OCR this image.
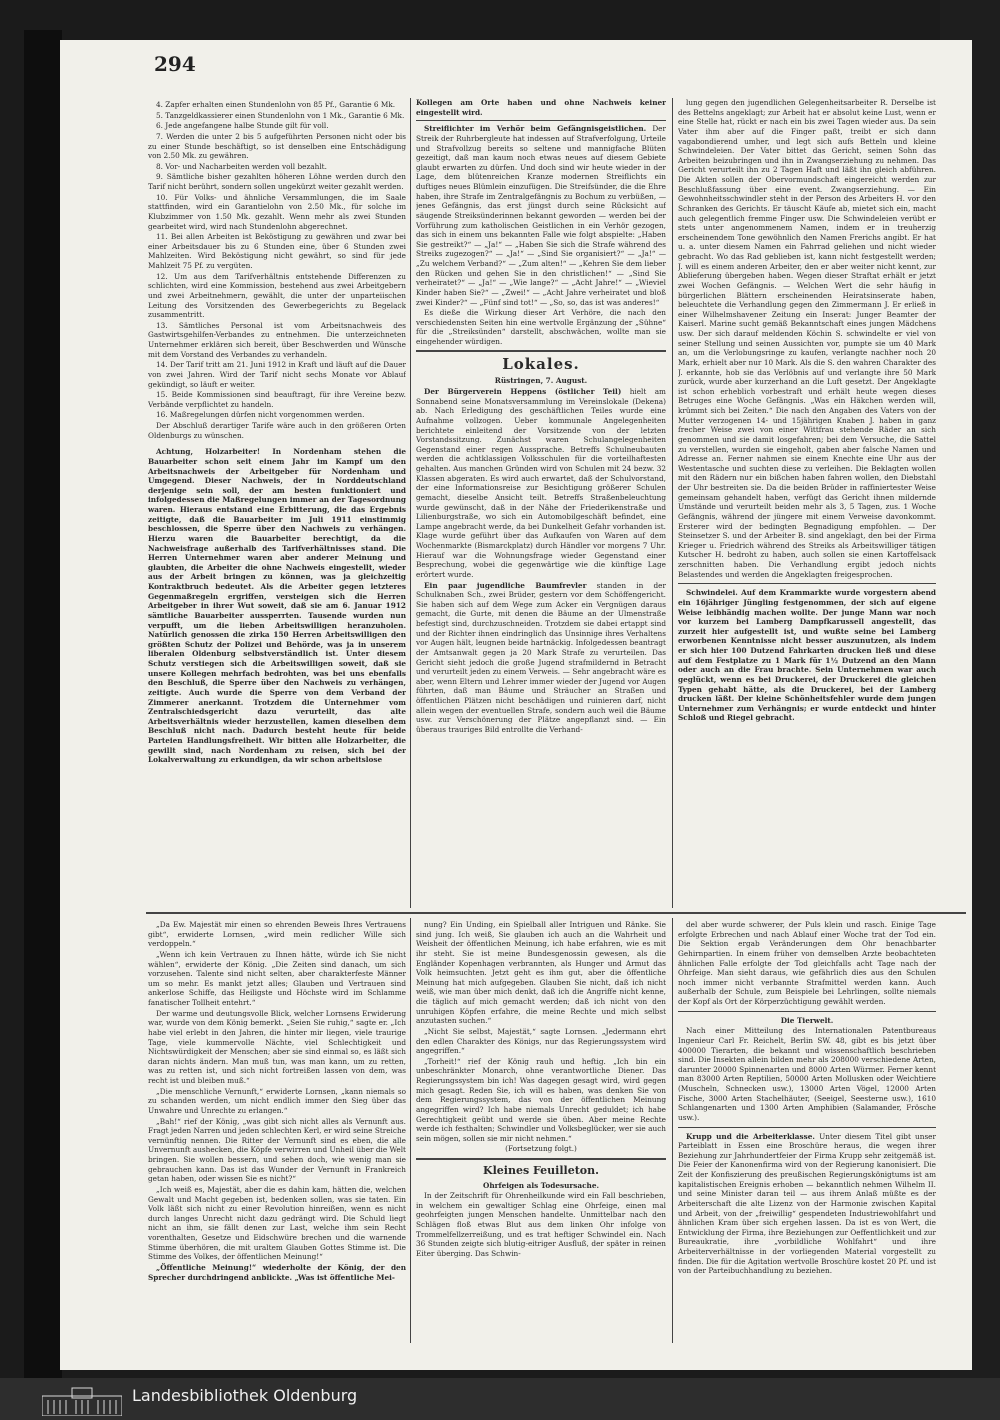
294

4. Zapfer erhalten einen Stundenlohn von 85 Pf., Garantie 6 Mk.

5. Tanzgeldkassierer einen Stundenlohn von 1 Mk., Garantie 6 Mk.

6. Jede angefangene halbe Stunde gilt für voll.

7. Werden die unter 2 bis 5 aufgeführten Personen nicht oder bis zu einer Stunde beschäftigt, so ist denselben eine Entschädigung von 2.50 Mk. zu gewähren.

8. Vor- und Nacharbeiten werden voll bezahlt.

9. Sämtliche bisher gezahlten höheren Löhne werden durch den Tarif nicht berührt, sondern sollen ungekürzt weiter gezahlt werden.

10. Für Volks- und ähnliche Versammlungen, die im Saale stattfinden, wird ein Garantielohn von 2.50 Mk., für solche im Klubzimmer von 1.50 Mk. gezahlt. Wenn mehr als zwei Stunden gearbeitet wird, wird nach Stundenlohn abgerechnet.

11. Bei allen Arbeiten ist Beköstigung zu gewähren und zwar bei einer Arbeitsdauer bis zu 6 Stunden eine, über 6 Stunden zwei Mahlzeiten. Wird Beköstigung nicht gewährt, so sind für jede Mahlzeit 75 Pf. zu vergüten.

12. Um aus dem Tarifverhältnis entstehende Differenzen zu schlichten, wird eine Kommission, bestehend aus zwei Arbeitgebern und zwei Arbeitnehmern, gewählt, die unter der unparteiischen Leitung des Vorsitzenden des Gewerbegerichts zu Begelack zusammentritt.

13. Sämtliches Personal ist vom Arbeitsnachweis des Gastwirtsgehilfen-Verbandes zu entnehmen. Die unterzeichneten Unternehmer erklären sich bereit, über Beschwerden und Wünsche mit dem Vorstand des Verbandes zu verhandeln.

14. Der Tarif tritt am 21. Juni 1912 in Kraft und läuft auf die Dauer von zwei Jahren. Wird der Tarif nicht sechs Monate vor Ablauf gekündigt, so läuft er weiter.

15. Beide Kommissionen sind beauftragt, für ihre Vereine bezw. Verbände verpflichtet zu handeln.

16. Maßregelungen dürfen nicht vorgenommen werden.

Der Abschluß derartiger Tarife wäre auch in den größeren Orten Oldenburgs zu wünschen.

Achtung, Holzarbeiter! In Nordenham stehen die Bauarbeiter schon seit einem Jahr im Kampf um den Arbeitsnachweis der Arbeitgeber für Nordenham und Umgegend. Dieser Nachweis, der in Norddeutschland derjenige sein soll, der am besten funktioniert und infolgedessen die Maßregelungen immer an der Tagesordnung waren. Hieraus entstand eine Erbitterung, die das Ergebnis zeitigte, daß die Bauarbeiter im Juli 1911 einstimmig beschlossen, die Sperre über den Nachweis zu verhängen. Hierzu waren die Bauarbeiter berechtigt, da die Nachweisfrage außerhalb des Tarifverhältnisses stand. Die Herren Unternehmer waren aber anderer Meinung und glaubten, die Arbeiter die ohne Nachweis eingestellt, wieder aus der Arbeit bringen zu können, was ja gleichzeitig Kontraktbruch bedeutet. Als die Arbeiter gegen letzteres Gegenmaßregeln ergriffen, versteigen sich die Herren Arbeitgeber in ihrer Wut soweit, daß sie am 6. Januar 1912 sämtliche Bauarbeiter aussperrten. Tausende wurden nun verpufft, um die lieben Arbeitswilligen heranzuholen. Natürlich genossen die zirka 150 Herren Arbeitswilligen den größten Schutz der Polizei und Behörde, was ja in unserem liberalen Oldenburg selbstverständlich ist. Unter diesem Schutz verstiegen sich die Arbeitswilligen soweit, daß sie unsere Kollegen mehrfach bedrohten, was bei uns ebenfalls den Beschluß, die Sperre über den Nachweis zu verhängen, zeitigte. Auch wurde die Sperre von dem Verband der Zimmerer anerkannt. Trotzdem die Unternehmer vom Zentralschiedsgericht dazu verurteilt, das alte Arbeitsverhältnis wieder herzustellen, kamen dieselben dem Beschluß nicht nach. Dadurch besteht heute für beide Parteien Handlungsfreiheit. Wir bitten alle Holzarbeiter, die gewillt sind, nach Nordenham zu reisen, sich bei der Lokalverwaltung zu erkundigen, da wir schon arbeitslose

Kollegen am Orte haben und ohne Nachweis keiner eingestellt wird.

Streiflichter im Verhör beim Gefängnisgeistlichen. Der Streik der Ruhrbergleute hat indessen auf Strafverfolgung, Urteile und Strafvollzug bereits so seltene und mannigfache Blüten gezeitigt, daß man kaum noch etwas neues auf diesem Gebiete glaubt erwarten zu dürfen. Und doch sind wir heute wieder in der Lage, dem blütenreichen Kranze modernen Streiflichts ein duftiges neues Blümlein einzufügen. Die Streifsünder, die die Ehre haben, ihre Strafe im Zentralgefängnis zu Bochum zu verbüßen, — jenes Gefängnis, das erst jüngst durch seine Rücksicht auf säugende Streiksünderinnen bekannt geworden — werden bei der Vorführung zum katholischen Geistlichen in ein Verhör gezogen, das sich in einem uns bekannten Falle wie folgt abspielte: „Haben Sie gestreikt?“ — „Ja!“ — „Haben Sie sich die Strafe während des Streiks zugezogen?“ — „Ja!“ — „Sind Sie organisiert?“ — „Ja!“ — „Zu welchem Verband?“ — „Zum alten!“ — „Kehren Sie dem lieber den Rücken und gehen Sie in den christlichen!“ — „Sind Sie verheiratet?“ — „Ja!“ — „Wie lange?“ — „Acht Jahre!“ — „Wieviel Kinder haben Sie?“ — „Zwei!“ — „Acht Jahre verheiratet und bloß zwei Kinder?“ — „Fünf sind tot!“ — „So, so, das ist was anderes!“

Es dieße die Wirkung dieser Art Verhöre, die nach den verschiedensten Seiten hin eine wertvolle Ergänzung der „Sühne“ für die „Streiksünden“ darstellt, abschwächen, wollte man sie eingehender würdigen.

Lokales.

Rüstringen, 7. August.

Der Bürgerverein Heppens (östlicher Teil) hielt am Sonnabend seine Monatsversammlung im Vereinslokale (Dekena) ab. Nach Erledigung des geschäftlichen Teiles wurde eine Aufnahme vollzogen. Ueber kommunale Angelegenheiten berichtete einleitend der Vorsitzende von der letzten Vorstandssitzung. Zunächst waren Schulangelegenheiten Gegenstand einer regen Aussprache. Betreffs Schulneubauten werden die achtklassigen Volksschulen für die vorteilhaftesten gehalten. Aus manchen Gründen wird von Schulen mit 24 bezw. 32 Klassen abgeraten. Es wird auch erwartet, daß der Schulvorstand, der eine Informationsreise zur Besichtigung größerer Schulen gemacht, dieselbe Ansicht teilt. Betreffs Straßenbeleuchtung wurde gewünscht, daß in der Nähe der Friederikenstraße und Lilienburgstraße, wo sich ein Automobilgeschäft befindet, eine Lampe angebracht werde, da bei Dunkelheit Gefahr vorhanden ist. Klage wurde geführt über das Aufkaufen von Waren auf dem Wochenmarkte (Bismarckplatz) durch Händler vor morgens 7 Uhr. Hierauf war die Wohnungsfrage wieder Gegenstand einer Besprechung, wobei die gegenwärtige wie die künftige Lage erörtert wurde.

Ein paar jugendliche Baumfrevler standen in der Schulknaben Sch., zwei Brüder, gestern vor dem Schöffengericht. Sie haben sich auf dem Wege zum Acker ein Vergnügen daraus gemacht, die Gurte, mit denen die Bäume an der Ulmenstraße befestigt sind, durchzuschneiden. Trotzdem sie dabei ertappt sind und der Richter ihnen eindringlich das Unsinnige ihres Verhaltens vor Augen hält, leugnen beide hartnäckig. Infolgedessen beantragt der Amtsanwalt gegen ja 20 Mark Strafe zu verurteilen. Das Gericht sieht jedoch die große Jugend strafmildernd in Betracht und verurteilt jeden zu einem Verweis. — Sehr angebracht wäre es aber, wenn Eltern und Lehrer immer wieder der Jugend vor Augen führten, daß man Bäume und Sträucher an Straßen und öffentlichen Plätzen nicht beschädigen und ruinieren darf, nicht allein wegen der eventuellen Strafe, sondern auch weil die Bäume usw. zur Verschönerung der Plätze angepflanzt sind. — Ein überaus trauriges Bild entrollte die Verhand-

lung gegen den jugendlichen Gelegenheitsarbeiter R. Derselbe ist des Bettelns angeklagt; zur Arbeit hat er absolut keine Lust, wenn er eine Stelle hat, rückt er nach ein bis zwei Tagen wieder aus. Da sein Vater ihm aber auf die Finger paßt, treibt er sich dann vagabondierend umher, und legt sich aufs Betteln und kleine Schwindeleien. Der Vater bittet das Gericht, seinen Sohn das Arbeiten beizubringen und ihn in Zwangserziehung zu nehmen. Das Gericht verurteilt ihn zu 2 Tagen Haft und läßt ihn gleich abführen. Die Akten sollen der Obervormundschaft eingereicht werden zur Beschlußfassung über eine event. Zwangserziehung. — Ein Gewohnheitsschwindler steht in der Person des Arbeiters H. vor den Schranken des Gerichts. Er täuscht Käufe ab, mietet sich ein, macht auch gelegentlich fremme Finger usw. Die Schwindeleien verübt er stets unter angenommenem Namen, indem er in treuherzig erscheinendem Tone gewöhnlich den Namen Frerichs angibt. Er hat u. a. unter diesem Namen ein Fahrrad geliehen und nicht wieder gebracht. Wo das Rad geblieben ist, kann nicht festgestellt werden; J. will es einem anderen Arbeiter, den er aber weiter nicht kennt, zur Ablieferung übergeben haben. Wegen dieser Straftat erhält er jetzt zwei Wochen Gefängnis. — Welchen Wert die sehr häufig in bürgerlichen Blättern erscheinenden Heiratsinserate haben, beleuchtete die Verhandlung gegen den Zimmermann J. Er erließ in einer Wilhelmshavener Zeitung ein Inserat: Junger Beamter der Kaiserl. Marine sucht gemäß Bekanntschaft eines jungen Mädchens usw. Der sich darauf meldenden Köchin S. schwindelte er viel von seiner Stellung und seinen Aussichten vor, pumpte sie um 40 Mark an, um die Verlobungsringe zu kaufen, verlangte nachher noch 20 Mark, erhielt aber nur 10 Mark. Als die S. den wahren Charakter des J. erkannte, hob sie das Verlöbnis auf und verlangte ihre 50 Mark zurück, wurde aber kurzerhand an die Luft gesetzt. Der Angeklagte ist schon erheblich vorbestraft und erhält heute wegen dieses Betruges eine Woche Gefängnis. „Was ein Häkchen werden will, krümmt sich bei Zeiten.“ Die nach den Angaben des Vaters von der Mutter verzogenen 14- und 15jährigen Knaben J. haben in ganz frecher Weise zwei von einer Wittfrau stehende Räder an sich genommen und sie damit losgefahren; bei dem Versuche, die Sattel zu verstellen, wurden sie eingeholt, gaben aber falsche Namen und Adresse an. Ferner nahmen sie einem Knechte eine Uhr aus der Westentasche und suchten diese zu verleihen. Die Beklagten wollen mit den Rädern nur ein bißchen haben fahren wollen, den Diebstahl der Uhr bestreiten sie. Da die beiden Brüder in raffiniertester Weise gemeinsam gehandelt haben, verfügt das Gericht ihnen mildernde Umstände und verurteilt beiden mehr als 3, 5 Tagen, zus. 1 Woche Gefängnis, während der jüngere mit einem Verweise davonkommt. Ersterer wird der bedingten Begnadigung empfohlen. — Der Steinsetzer S. und der Arbeiter B. sind angeklagt, den bei der Firma Krieger u. Friedrich während des Streiks als Arbeitswilliger tätigen Kutscher H. bedroht zu haben, auch sollen sie einen Kartoffelsack zerschnitten haben. Die Verhandlung ergibt jedoch nichts Belastendes und werden die Angeklagten freigesprochen.

Schwindelei. Auf dem Krammarkte wurde vorgestern abend ein 16jähriger Jüngling festgenommen, der sich auf eigene Weise leibhändig machen wollte. Der junge Mann war noch vor kurzem bei Lamberg Dampfkarussell angestellt, das zurzeit hier aufgestellt ist, und wußte seine bei Lamberg erworbenen Kenntnisse nicht besser auszunutzen, als indem er sich hier 100 Dutzend Fahrkarten drucken ließ und diese auf dem Festplatze zu 1 Mark für 1½ Dutzend an den Mann oder auch an die Frau brachte. Sein Unternehmen war auch geglückt, wenn es bei Druckerei, der Druckerei die gleichen Typen gehabt hätte, als die Druckerei, bei der Lamberg drucken läßt. Der kleine Schönheitsfehler wurde dem jungen Unternehmer zum Verhängnis; er wurde entdeckt und hinter Schloß und Riegel gebracht.

„Da Ew. Majestät mir einen so ehrenden Beweis Ihres Vertrauens gibt“, erwiderte Lornsen, „wird mein redlicher Wille sich verdoppeln.“

„Wenn ich kein Vertrauen zu Ihnen hätte, würde ich Sie nicht wählen“, erwiderte der König. „Die Zeiten sind danach, um sich vorzusehen. Talente sind nicht selten, aber charakterfeste Männer um so mehr. Es mankt jetzt alles; Glauben und Vertrauen sind ankerlose Schiffe, das Heiligste und Höchste wird im Schlamme fanatischer Tollheit entehrt.“

Der warme und deutungsvolle Blick, welcher Lornsens Erwiderung war, wurde von dem König bemerkt. „Seien Sie ruhig,“ sagte er. „Ich habe viel erlebt in den Jahren, die hinter mir liegen, viele traurige Tage, viele kummervolle Nächte, viel Schlechtigkeit und Nichtswürdigkeit der Menschen; aber sie sind einmal so, es läßt sich daran nichts ändern. Man muß tun, was man kann, um zu retten, was zu retten ist, und sich nicht fortreißen lassen von dem, was recht ist und bleiben muß.“

„Die menschliche Vernunft,“ erwiderte Lornsen, „kann niemals so zu schanden werden, um nicht endlich immer den Sieg über das Unwahre und Unrechte zu erlangen.“

„Bah!“ rief der König, „was gibt sich nicht alles als Vernunft aus. Fragt jeden Narren und jeden schlechten Kerl, er wird seine Streiche vernünftig nennen. Die Ritter der Vernunft sind es eben, die alle Unvernunft aushecken, die Köpfe verwirren und Unheil über die Welt bringen. Sie wollen bessern, und sehen doch, wie wenig man sie gebrauchen kann. Das ist das Wunder der Vernunft in Frankreich getan haben, oder wissen Sie es nicht?“

„Ich weiß es, Majestät, aber die es dahin kam, hätten die, welchen Gewalt und Macht gegeben ist, bedenken sollen, was sie taten. Ein Volk läßt sich nicht zu einer Revolution hinreißen, wenn es nicht durch langes Unrecht nicht dazu gedrängt wird. Die Schuld liegt nicht an ihm, sie fällt denen zur Last, welche ihm sein Recht vorenthalten, Gesetze und Eidschwüre brechen und die warnende Stimme überhören, die mit uraltem Glauben Gottes Stimme ist. Die Stimme des Volkes, der öffentlichen Meinung!“

„Öffentliche Meinung!“ wiederholte der König, der den Sprecher durchdringend anblickte. „Was ist öffentliche Mei-

nung? Ein Unding, ein Spielball aller Intriguen und Ränke. Sie sind jung. Ich weiß, Sie glauben ich auch an die Wahrheit und Weisheit der öffentlichen Meinung, ich habe erfahren, wie es mit ihr steht. Sie ist meine Bundesgenossin gewesen, als die Engländer Kopenhagen verbrannten, als Hunger und Armut das Volk heimsuchten. Jetzt geht es ihm gut, aber die öffentliche Meinung hat mich aufgegeben. Glauben Sie nicht, daß ich nicht weiß, wie man über mich denkt, daß ich die Angriffe nicht kenne, die täglich auf mich gemacht werden; daß ich nicht von den unruhigen Köpfen erfahre, die meine Rechte und mich selbst anzutasten suchen.“

„Nicht Sie selbst, Majestät,“ sagte Lornsen. „Jedermann ehrt den edlen Charakter des Königs, nur das Regierungssystem wird angegriffen.“

„Torheit!“ rief der König rauh und heftig. „Ich bin ein unbeschränkter Monarch, ohne verantwortliche Diener. Das Regierungssystem bin ich! Was dagegen gesagt wird, wird gegen mich gesagt. Reden Sie, ich will es haben, was denken Sie von dem Regierungssystem, das von der öffentlichen Meinung angegriffen wird? Ich habe niemals Unrecht geduldet; ich habe Gerechtigkeit geübt und werde sie üben. Aber meine Rechte werde ich festhalten; Schwindler und Volksbeglücker, wer sie auch sein mögen, sollen sie mir nicht nehmen.“

(Fortsetzung folgt.)

Kleines Feuilleton.

Ohrfeigen als Todesursache.

In der Zeitschrift für Ohrenheilkunde wird ein Fall beschrieben, in welchem ein gewaltiger Schlag eine Ohrfeige, einen mal geohrfeigten jungen Menschen handelte. Unmittelbar nach den Schlägen floß etwas Blut aus dem linken Ohr infolge von Trommelfellzerreißung, und es trat heftiger Schwindel ein. Nach 36 Stunden zeigte sich blutig-eitriger Ausfluß, der später in reinen Eiter überging. Das Schwin-

del aber wurde schwerer, der Puls klein und rasch. Einige Tage erfolgte Erbrechen und nach Ablauf einer Woche trat der Tod ein. Die Sektion ergab Veränderungen dem Ohr benachbarter Gehirnpartien. In einem früher von demselben Arzte beobachteten ähnlichen Falle erfolgte der Tod gleichfalls acht Tage nach der Ohrfeige. Man sieht daraus, wie gefährlich dies aus den Schulen noch immer nicht verbannte Strafmittel werden kann. Auch außerhalb der Schule, zum Beispiele bei Lehrlingen, sollte niemals der Kopf als Ort der Körperzüchtigung gewählt werden.

Die Tierwelt.

Nach einer Mitteilung des Internationalen Patentbureaus Ingenieur Carl Fr. Reichelt, Berlin SW. 48, gibt es bis jetzt über 400000 Tierarten, die bekannt und wissenschaftlich beschrieben sind. Die Insekten allein bilden mehr als 208000 verschiedene Arten, darunter 20000 Spinnenarten und 8000 Arten Würmer. Ferner kennt man 83000 Arten Reptilien, 50000 Arten Mollusken oder Weichtiere (Muscheln, Schnecken usw.), 13000 Arten Vögel, 12000 Arten Fische, 3000 Arten Stachelhäuter, (Seeigel, Seesterne usw.), 1610 Schlangenarten und 1300 Arten Amphibien (Salamander, Frösche usw.).

Krupp und die Arbeiterklasse. Unter diesem Titel gibt unser Parteiblatt in Essen eine Broschüre heraus, die wegen ihrer Beziehung zur Jahrhundertfeier der Firma Krupp sehr zeitgemäß ist. Die Feier der Kanonenfirma wird von der Regierung kanonisiert. Die Zeit der Konfiszierung des preußischen Regierungskönigtums ist am kapitalistischen Ereignis erhoben — bekanntlich nehmen Wilhelm II. und seine Minister daran teil — aus ihrem Anlaß müßte es der Arbeiterschaft die alte Lizenz von der Harmonie zwischen Kapital und Arbeit, von der „freiwillig“ gespendeten Industriewohlfahrt und ähnlichen Kram über sich ergehen lassen. Da ist es von Wert, die Entwicklung der Firma, ihre Beziehungen zur Oeffentlichkeit und zur Bureaukratie, ihre „vorbildliche Wohlfahrt“ und ihre Arbeiterverhältnisse in der vorliegenden Material vorgestellt zu finden. Die für die Agitation wertvolle Broschüre kostet 20 Pf. und ist von der Parteibuchhandlung zu beziehen.

Landesbibliothek Oldenburg
